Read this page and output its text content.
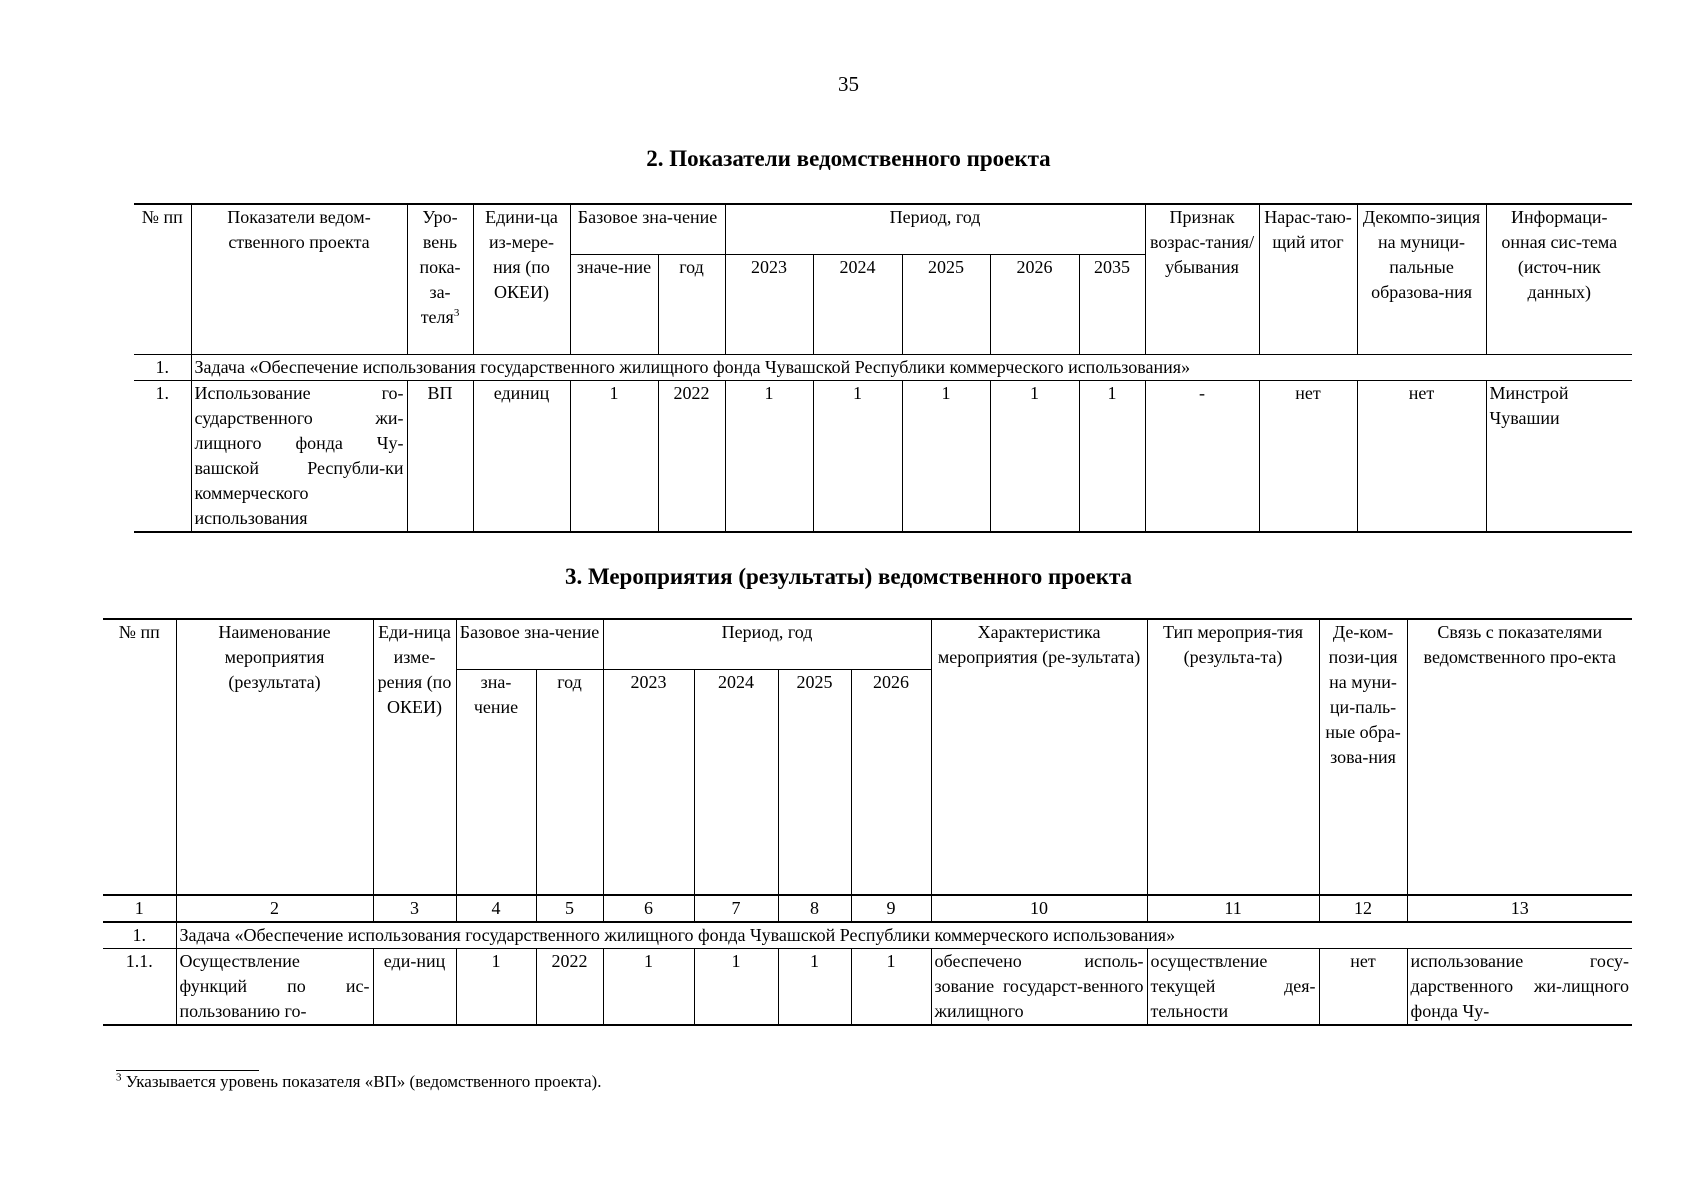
35
2. Показатели ведомственного проекта
№ пп	Показатели ведом-ственного проекта	Уро-вень пока-за-теля$^3$	Едини-ца из-мере-ния (по ОКЕИ)	Базовое зна-чение		Период, год					Признак возрас-тания/ убывания	Нарас-таю-щий итог	Декомпо-зиция на муници-пальные образова-ния	Информаци-онная сис-тема (источ-ник данных)
				значе-ние	год	2023	2024	2025	2026	2035				
1.	Задача «Обеспечение использования государственного жилищного фонда Чувашской Республики коммерческого использования»													
1.	Использование го-сударственного жи-лищного фонда Чу-вашской Республи-ки коммерческого использования	ВП	единиц	1	2022	1	1	1	1	1	-	нет	нет	Минстрой Чувашии
3. Мероприятия (результаты) ведомственного проекта
№ пп	Наименование мероприятия (результата)	Еди-ница изме-рения (по ОКЕИ)	Базовое зна-чение		Период, год				Характеристика мероприятия (ре-зультата)	Тип мероприя-тия (результа-та)	Де-ком-пози-ция на муни-ци-паль-ные обра-зова-ния	Связь с показателями ведомственного про-екта
			зна-чение	год	2023	2024	2025	2026				
1	2	3	4	5	6	7	8	9	10	11	12	13
1.	Задача «Обеспечение использования государственного жилищного фонда Чувашской Республики коммерческого использования»											
1.1.	Осуществление функций по ис-пользованию го-	еди-ниц	1	2022	1	1	1	1	обеспечено исполь-зование государст-венного жилищного	осуществление текущей дея-тельности	нет	использование госу-дарственного жи-лищного фонда Чу-
$^3$ Указывается уровень показателя «ВП» (ведомственного проекта).
